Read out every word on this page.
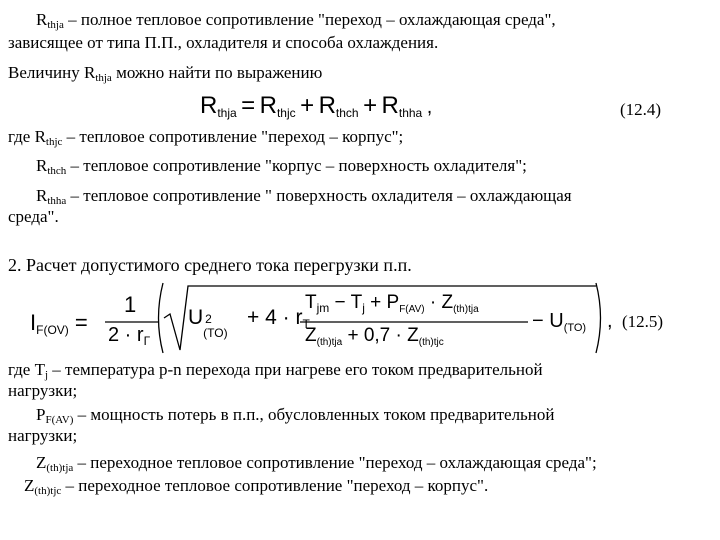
$R_{thja}$ – полное тепловое сопротивление "переход – охлаждающая среда",
зависящее от типа П.П., охладителя и способа охлаждения.
Величину $R_{thja}$ можно найти по выражению
$R_{thja} = R_{thjc} + R_{thch} + R_{thha}$ ,	(12.4)
где $R_{thjc}$ – тепловое сопротивление "переход – корпус";
$R_{thch}$ – тепловое сопротивление "корпус – поверхность охладителя";
$R_{thha}$ – тепловое сопротивление " поверхность охладителя – охлаждающая
среда".
2. Расчет допустимого среднего тока перегрузки п.п.
IF(OV) =
1
$2 \cdot r_Г$
U 2
(TO)
+ 4 · rT
$T_{jm} - T_j + P_{F(AV)} \cdot Z_{(th)tja}$
$Z_{(th)tja} + 0,7 \cdot Z_{(th)tjc}$
− $U_{(TO)}$ , (12.5)
где $T_j$ – температура p-n перехода при нагреве его током предварительной
нагрузки;
$P_{F(AV)}$ – мощность потерь в п.п., обусловленных током предварительной
нагрузки;
$Z_{(th)tja}$ – переходное тепловое сопротивление "переход – охлаждающая среда";
$Z_{(th)tjc}$ – переходное тепловое сопротивление "переход – корпус".
